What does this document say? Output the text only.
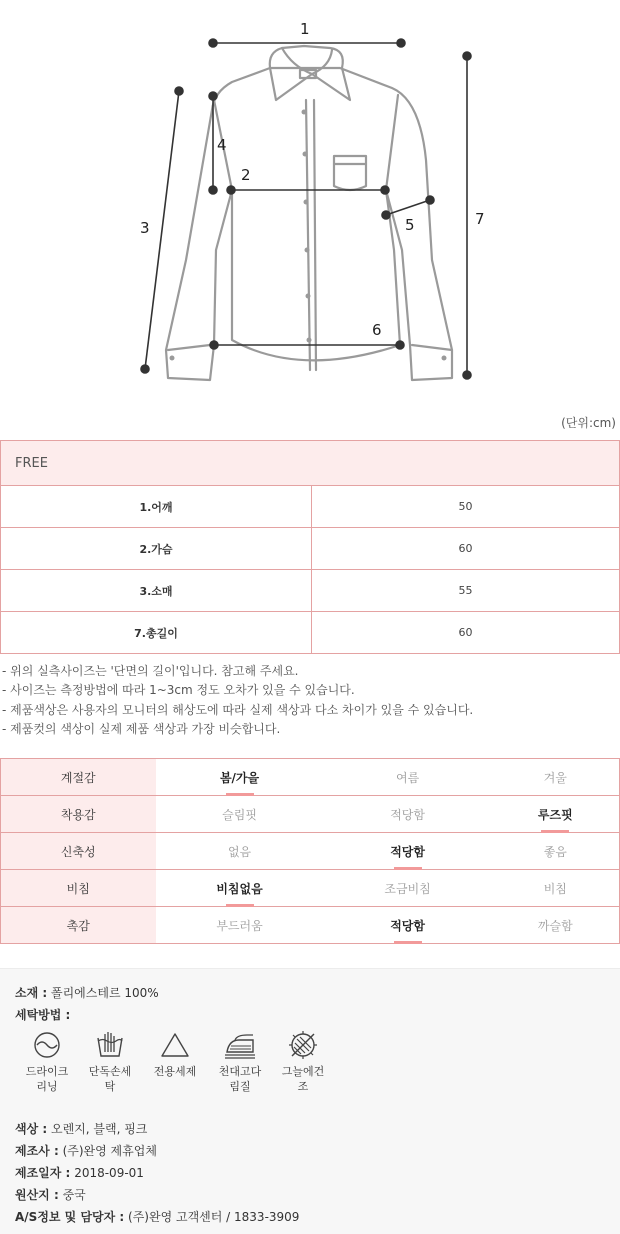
1
2
3
4
5
6
7
(단위:cm)
FREE	
1.어깨	50
2.가슴	60
3.소매	55
7.총길이	60
- 위의 실측사이즈는 '단면의 길이'입니다. 참고해 주세요.
- 사이즈는 측정방법에 따라 1~3cm 정도 오차가 있을 수 있습니다.
- 제품색상은 사용자의 모니터의 해상도에 따라 실제 색상과 다소 차이가 있을 수 있습니다.
- 제품컷의 색상이 실제 제품 색상과 가장 비슷합니다.
계절감	봄/가을	여름	겨울
착용감	슬림핏	적당함	루즈핏

신축성	없음	적당함	좋음
비침	비침없음	조금비침	비침
촉감	부드러움	적당함	까슬함
소재 : 폴리에스테르 100%
세탁방법 :
드라이크
리닝
단독손세
탁
전용세제	천대고다
림질
그늘에건
조
색상 : 오렌지, 블랙, 핑크
제조사 : (주)완영 제휴업체
제조일자 : 2018-09-01
원산지 : 중국
A/S정보 및 담당자 : (주)완영 고객센터 / 1833-3909
